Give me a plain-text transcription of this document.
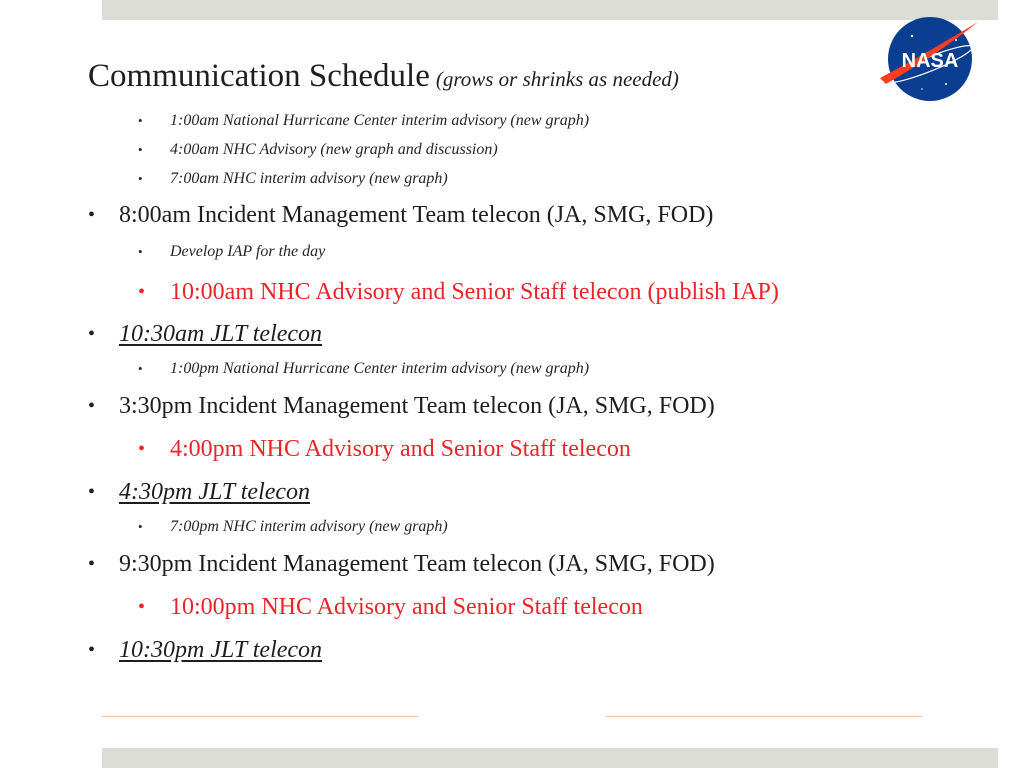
NASA
Communication Schedule (grows or shrinks as needed)
• 1:00am National Hurricane Center interim advisory (new graph)
• 4:00am NHC Advisory (new graph and discussion)
• 7:00am NHC interim advisory (new graph)
• 8:00am Incident Management Team telecon (JA, SMG, FOD)
• Develop IAP for the day
• 10:00am NHC Advisory and Senior Staff telecon (publish IAP)
• 10:30am JLT telecon
• 1:00pm National Hurricane Center interim advisory (new graph)
• 3:30pm Incident Management Team telecon (JA, SMG, FOD)
• 4:00pm NHC Advisory and Senior Staff telecon
• 4:30pm JLT telecon
• 7:00pm NHC interim advisory (new graph)
• 9:30pm Incident Management Team telecon (JA, SMG, FOD)
• 10:00pm NHC Advisory and Senior Staff telecon
• 10:30pm JLT telecon
